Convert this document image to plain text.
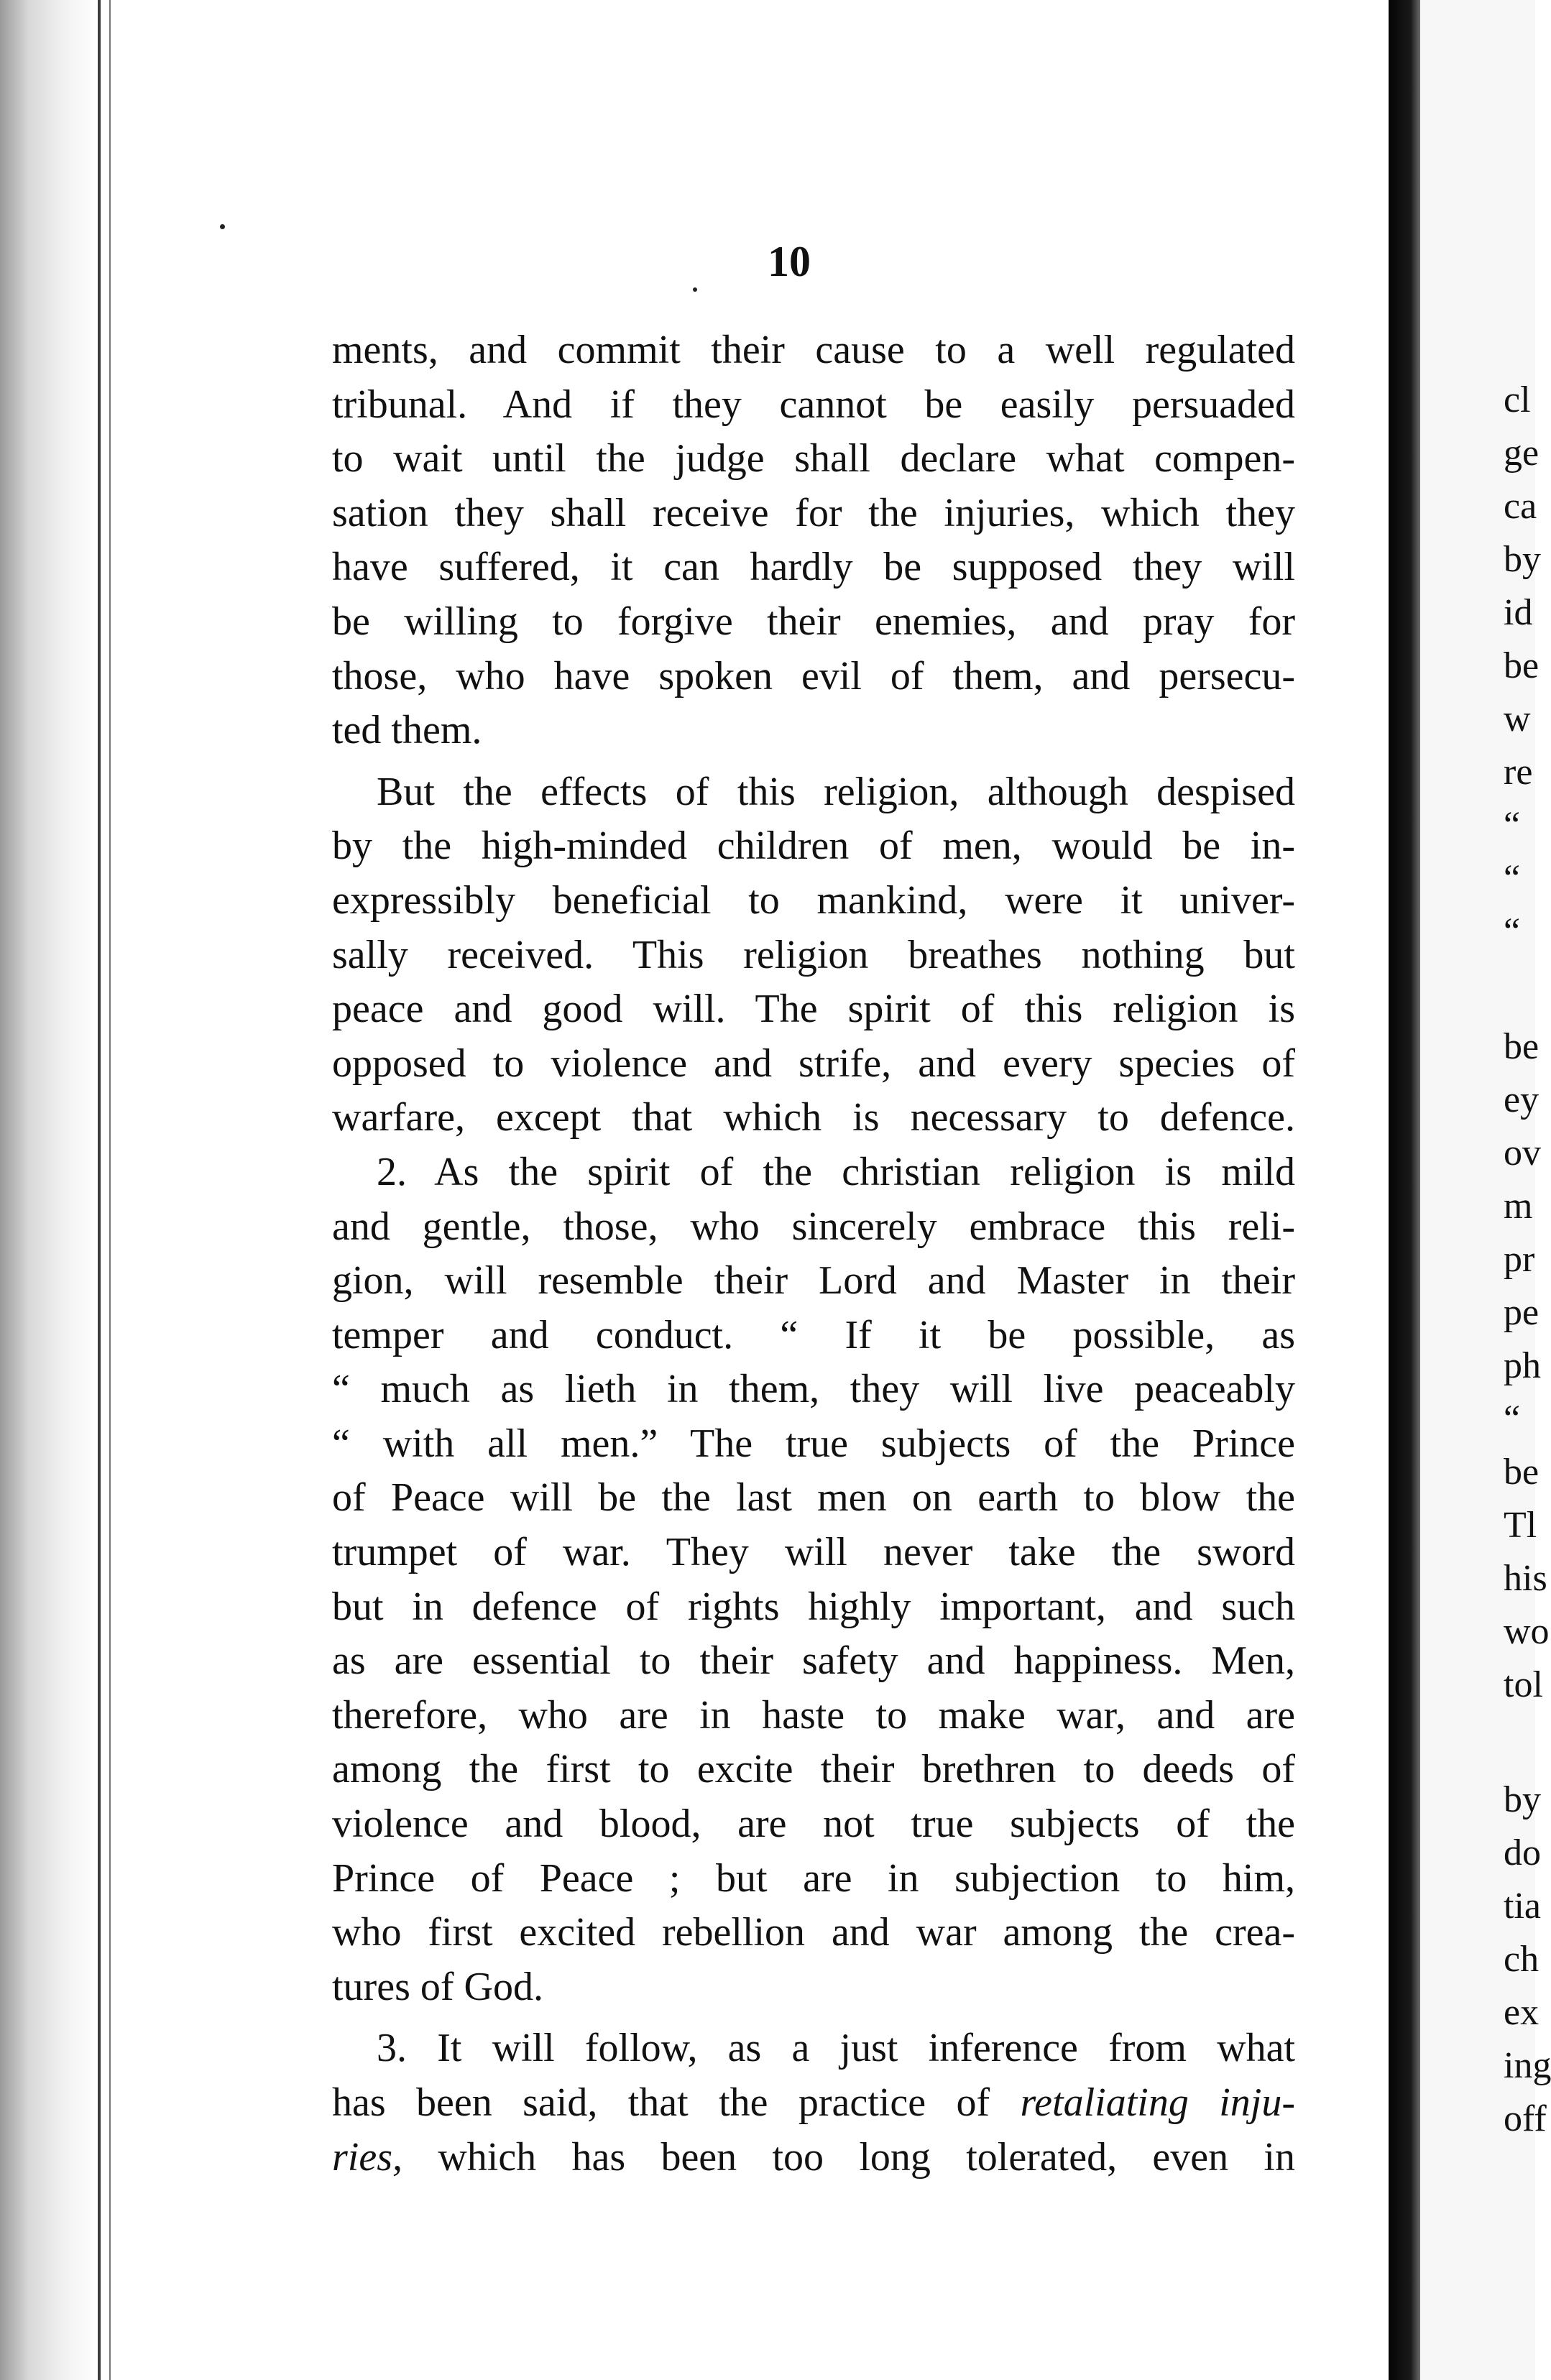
cl
ge
ca
by
id
be
w
re
“
“
“
be
ey
ov
m
pr
pe
ph
“
be
Tl
his
wo
tol
by
do
tia
ch
ex
ing
off
10
ments, and commit their cause to a well regulated
tribunal. And if they cannot be easily persuaded
to wait until the judge shall declare what compen-
sation they shall receive for the injuries, which they
have suffered, it can hardly be supposed they will
be willing to forgive their enemies, and pray for
those, who have spoken evil of them, and persecu-
ted them.
But the effects of this religion, although despised
by the high-minded children of men, would be in-
expressibly beneficial to mankind, were it univer-
sally received. This religion breathes nothing but
peace and good will. The spirit of this religion is
opposed to violence and strife, and every species of
warfare, except that which is necessary to defence.
2. As the spirit of the christian religion is mild
and gentle, those, who sincerely embrace this reli-
gion, will resemble their Lord and Master in their
temper and conduct. “ If it be possible, as
“ much as lieth in them, they will live peaceably
“ with all men.” The true subjects of the Prince
of Peace will be the last men on earth to blow the
trumpet of war. They will never take the sword
but in defence of rights highly important, and such
as are essential to their safety and happiness. Men,
therefore, who are in haste to make war, and are
among the first to excite their brethren to deeds of
violence and blood, are not true subjects of the
Prince of Peace ; but are in subjection to him,
who first excited rebellion and war among the crea-
tures of God.
3. It will follow, as a just inference from what
has been said, that the practice of retaliating inju-
ries, which has been too long tolerated, even in
